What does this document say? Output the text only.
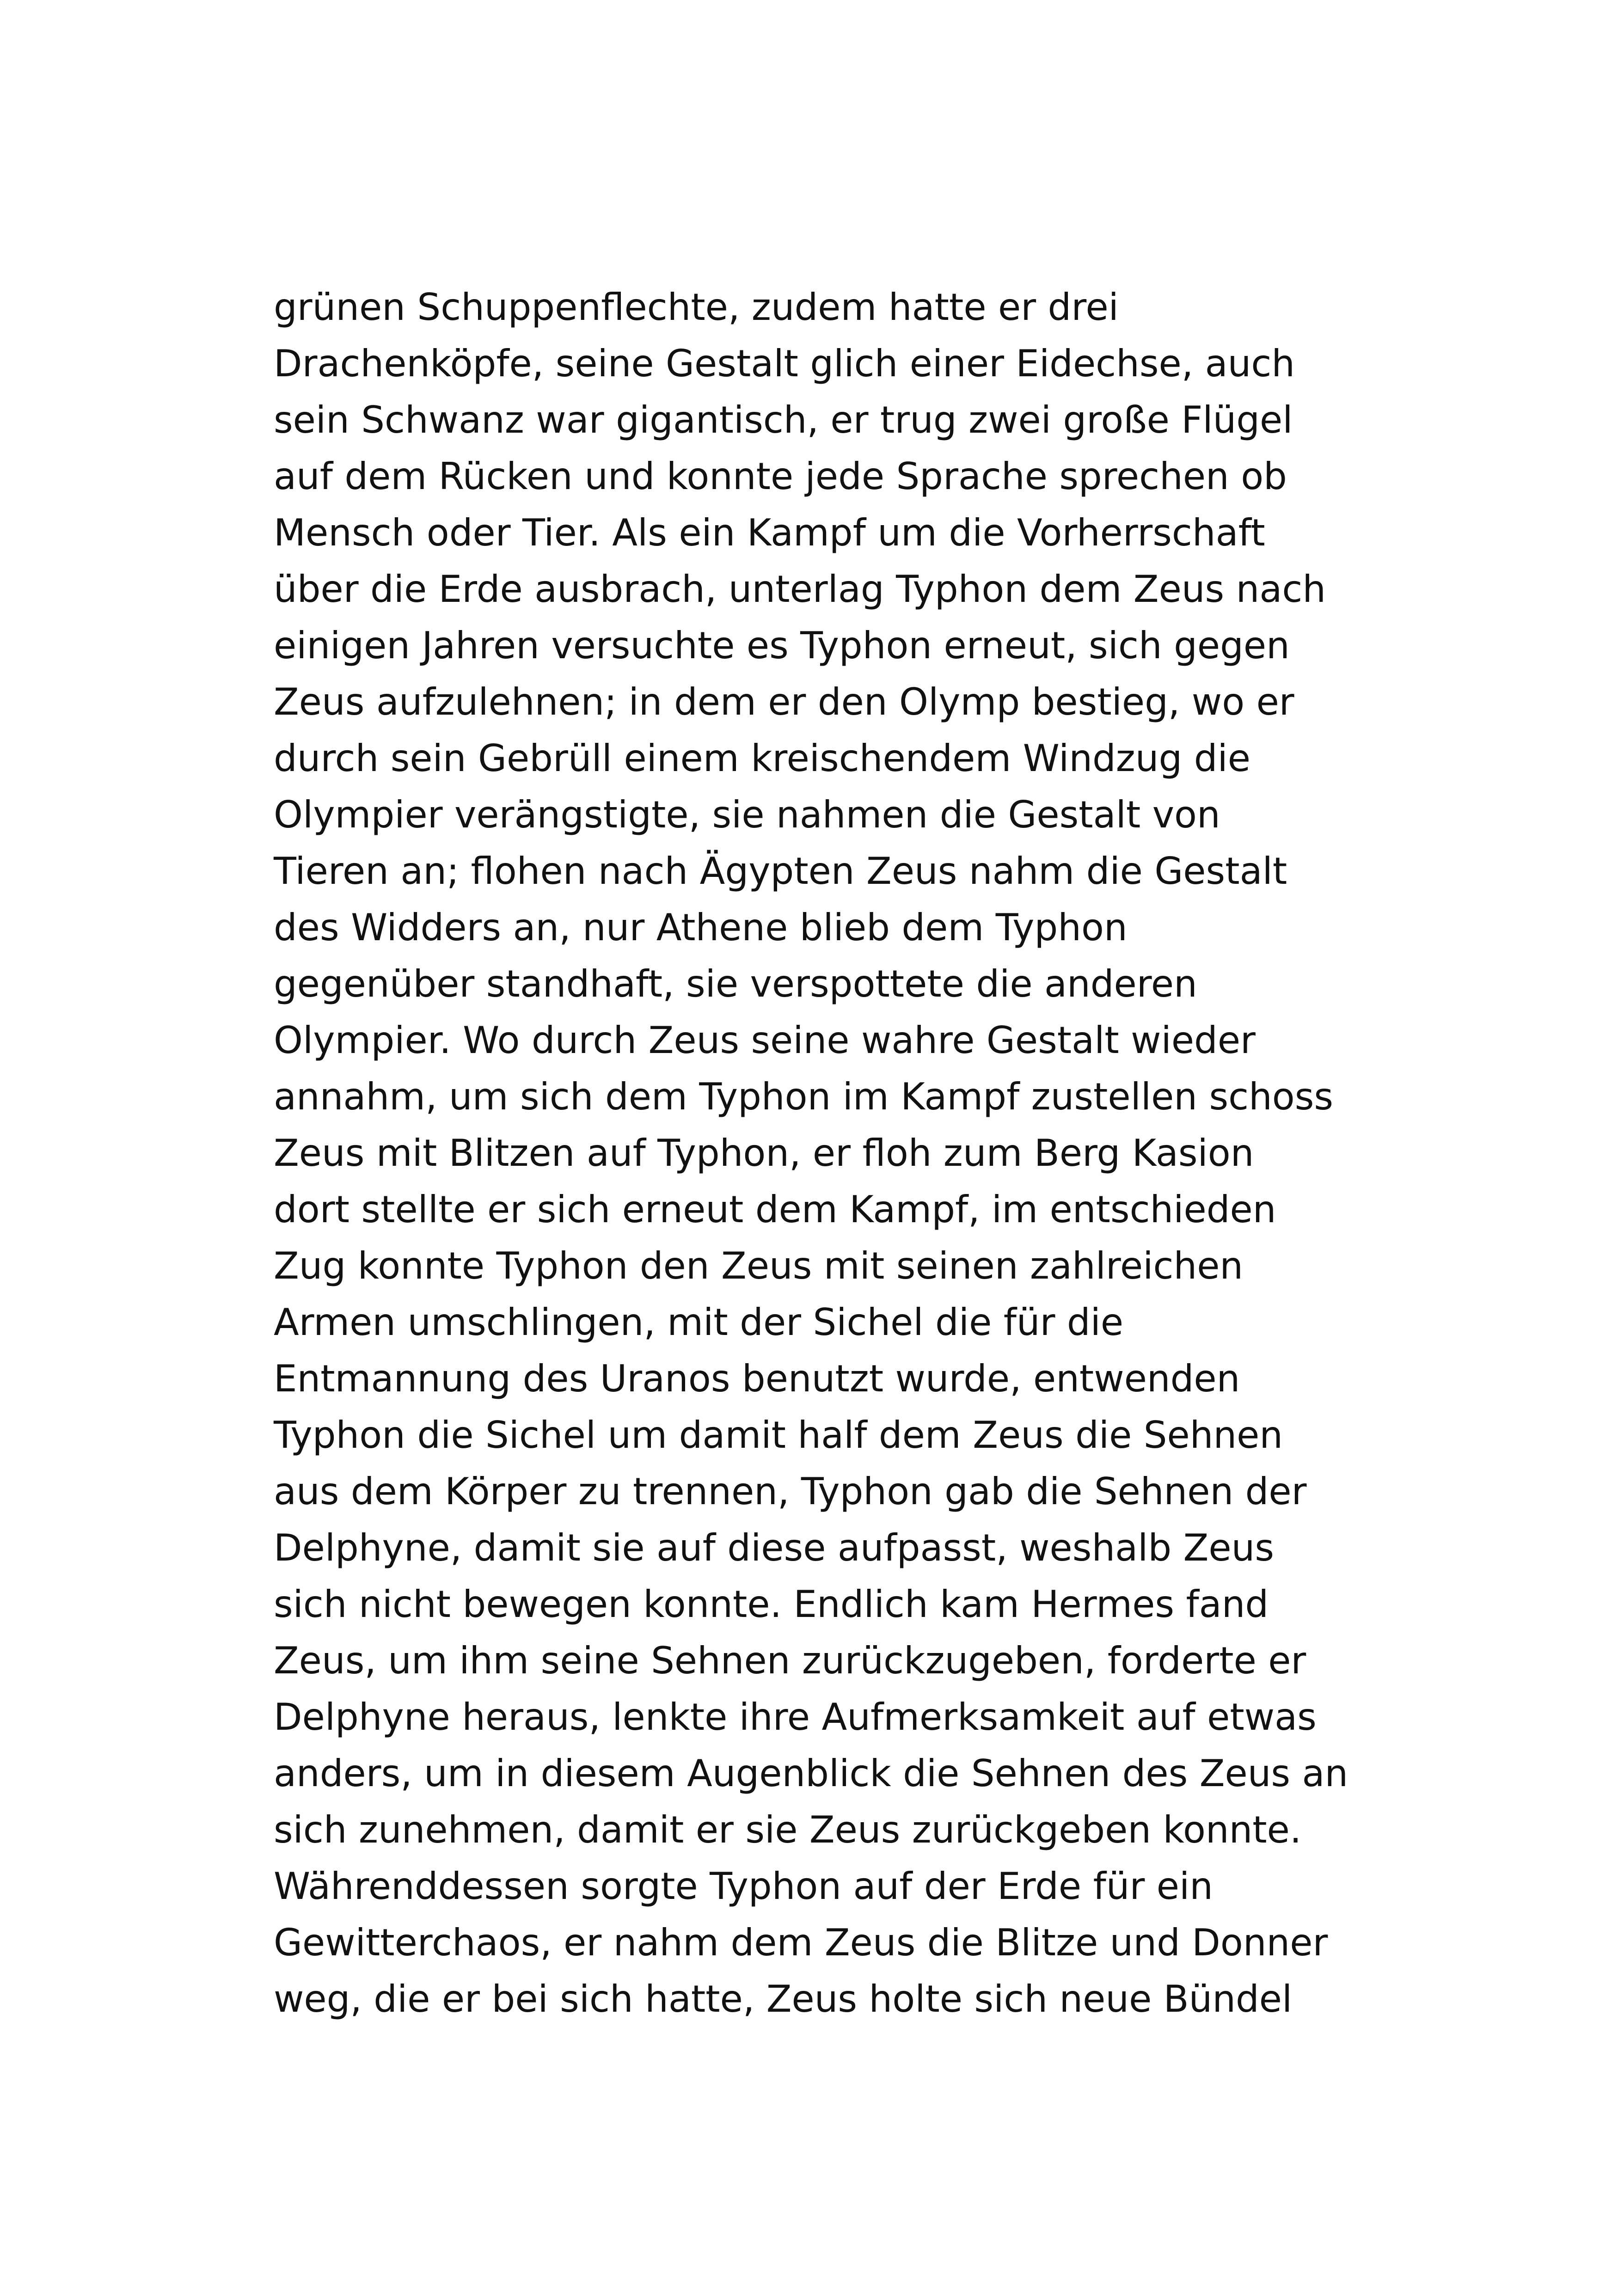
grünen Schuppenflechte, zudem hatte er drei
Drachenköpfe, seine Gestalt glich einer Eidechse, auch
sein Schwanz war gigantisch, er trug zwei große Flügel
auf dem Rücken und konnte jede Sprache sprechen ob
Mensch oder Tier. Als ein Kampf um die Vorherrschaft
über die Erde ausbrach, unterlag Typhon dem Zeus nach
einigen Jahren versuchte es Typhon erneut, sich gegen
Zeus aufzulehnen; in dem er den Olymp bestieg, wo er
durch sein Gebrüll einem kreischendem Windzug die
Olympier verängstigte, sie nahmen die Gestalt von
Tieren an; flohen nach Ägypten Zeus nahm die Gestalt
des Widders an, nur Athene blieb dem Typhon
gegenüber standhaft, sie verspottete die anderen
Olympier. Wo durch Zeus seine wahre Gestalt wieder
annahm, um sich dem Typhon im Kampf zustellen schoss
Zeus mit Blitzen auf Typhon, er floh zum Berg Kasion
dort stellte er sich erneut dem Kampf, im entschieden
Zug konnte Typhon den Zeus mit seinen zahlreichen
Armen umschlingen, mit der Sichel die für die
Entmannung des Uranos benutzt wurde, entwenden
Typhon die Sichel um damit half dem Zeus die Sehnen
aus dem Körper zu trennen, Typhon gab die Sehnen der
Delphyne, damit sie auf diese aufpasst, weshalb Zeus
sich nicht bewegen konnte. Endlich kam Hermes fand
Zeus, um ihm seine Sehnen zurückzugeben, forderte er
Delphyne heraus, lenkte ihre Aufmerksamkeit auf etwas
anders, um in diesem Augenblick die Sehnen des Zeus an
sich zunehmen, damit er sie Zeus zurückgeben konnte.
Währenddessen sorgte Typhon auf der Erde für ein
Gewitterchaos, er nahm dem Zeus die Blitze und Donner
weg, die er bei sich hatte, Zeus holte sich neue Bündel
